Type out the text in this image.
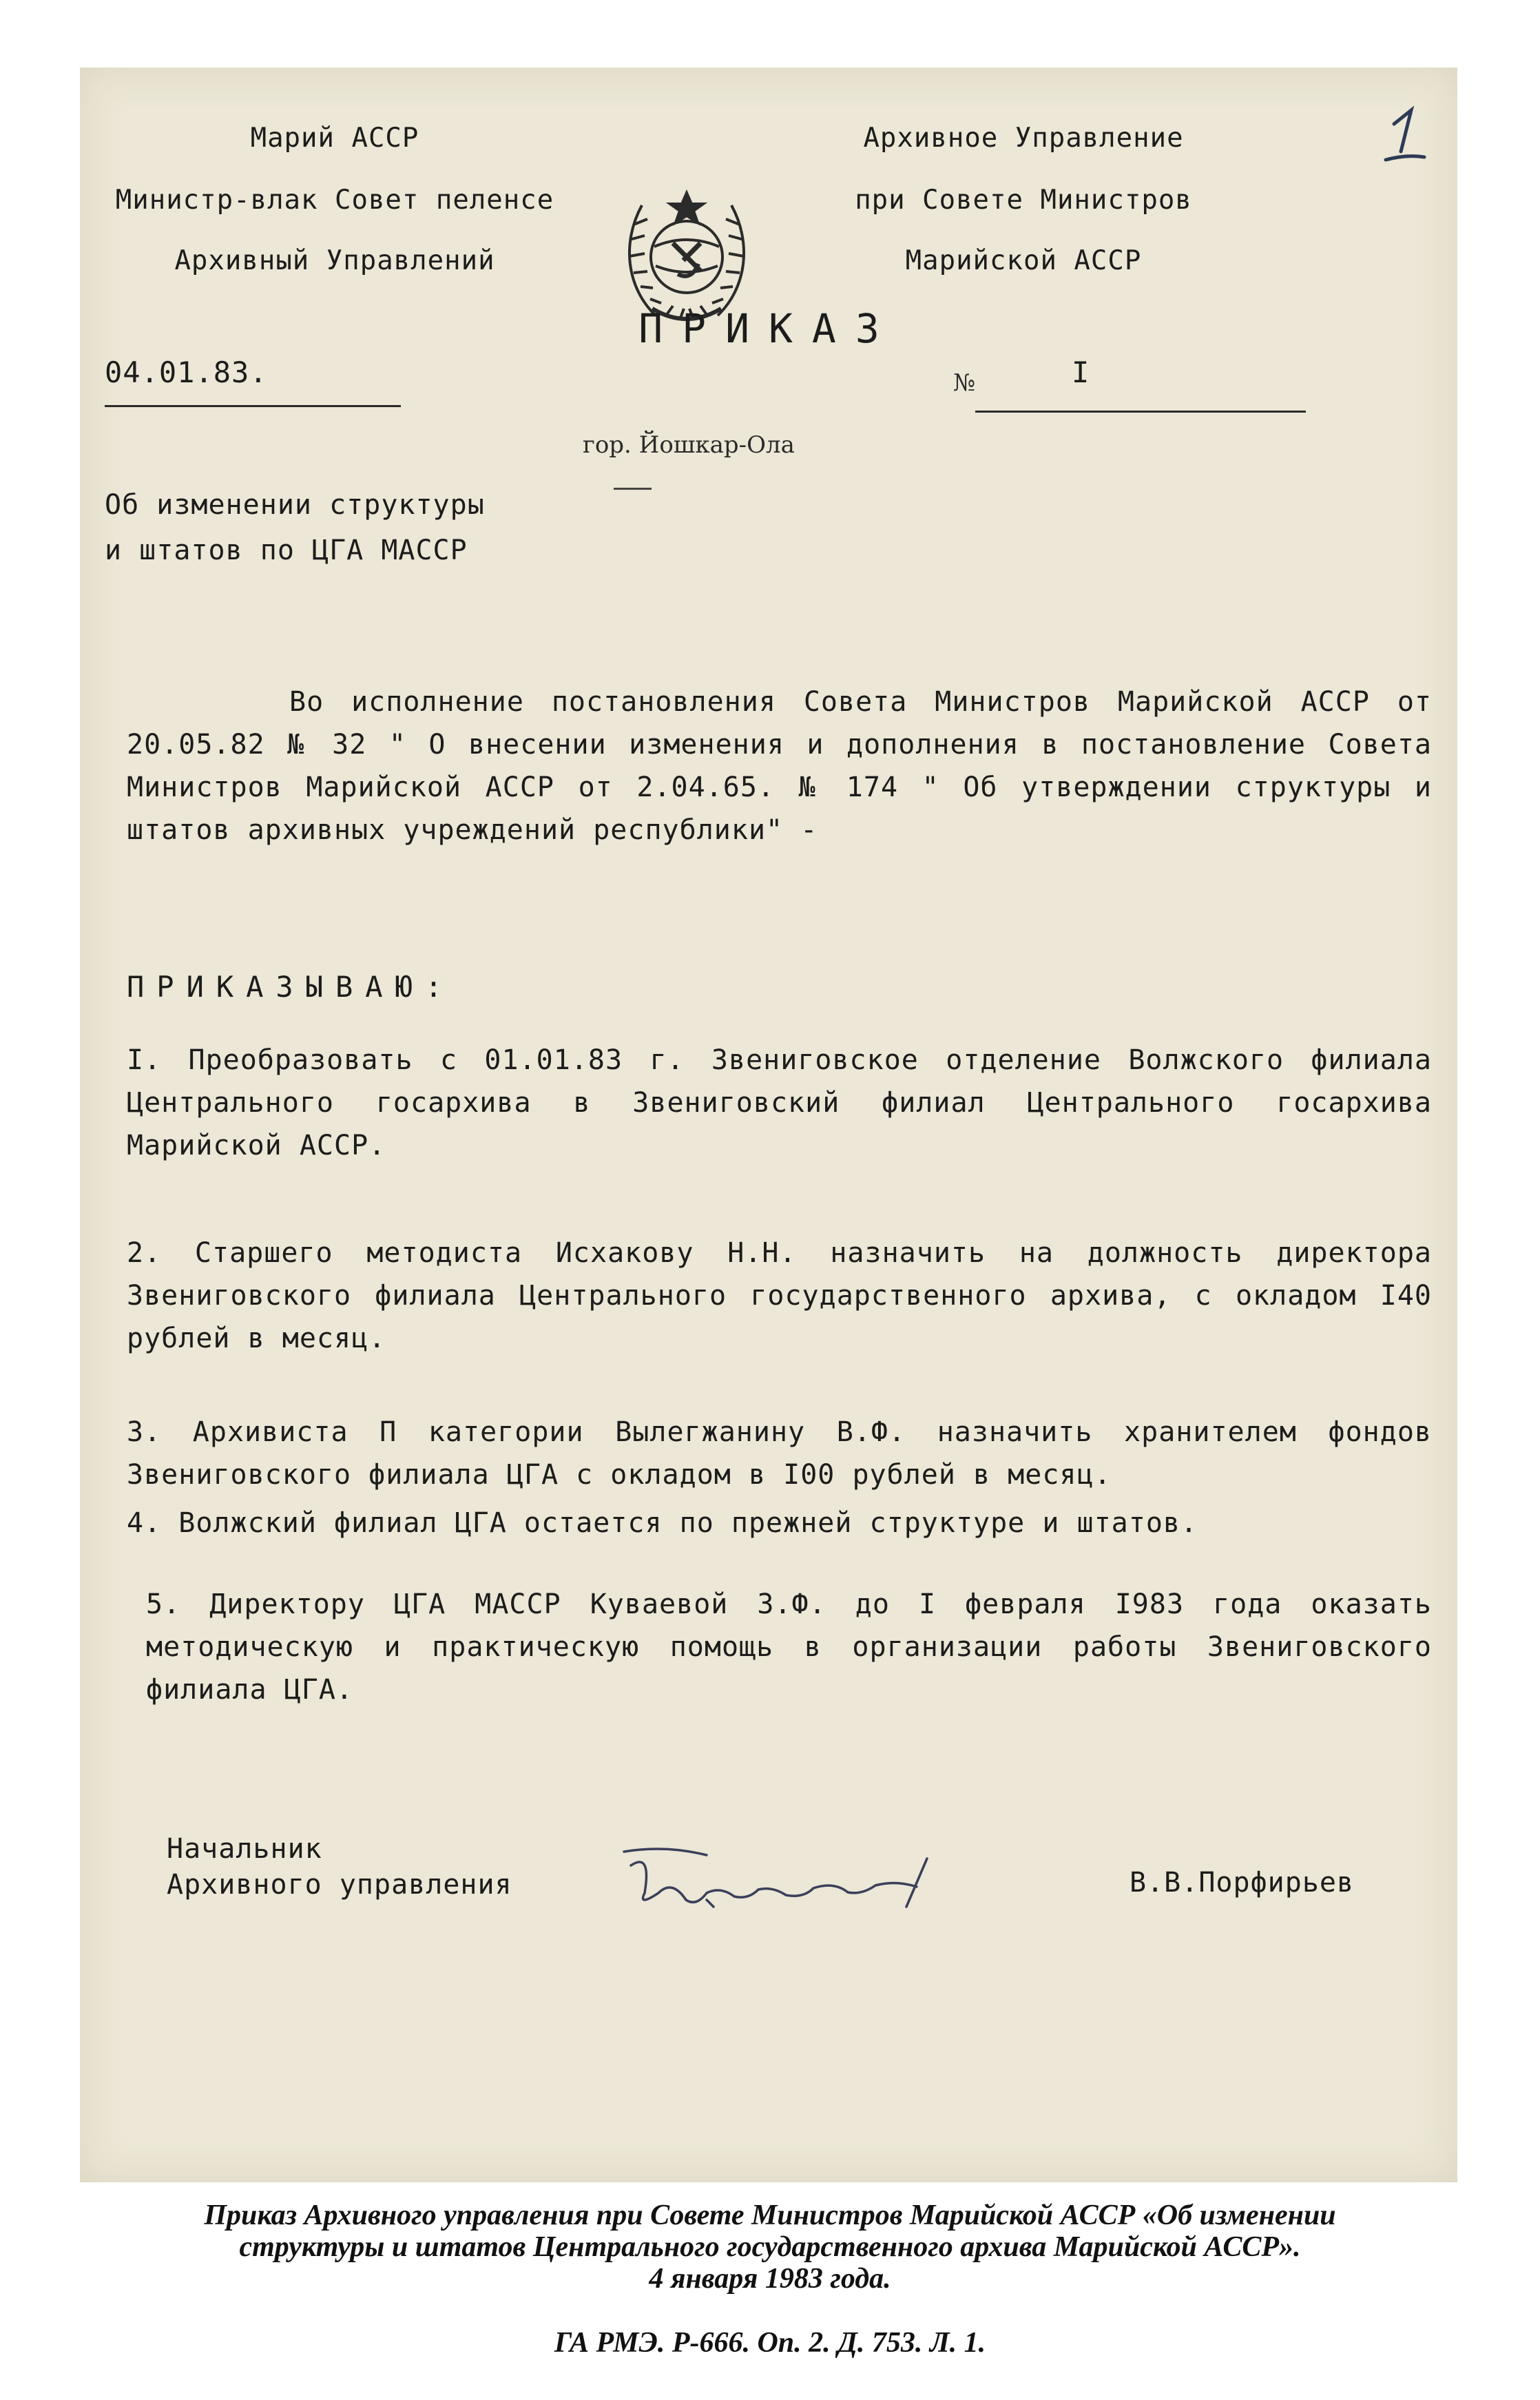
Марий АССР
Министр-влак Совет пеленсе
Архивный Управлений
Архивное Управление
при Совете Министров
Марийской АССР
ПРИКАЗ
04.01.83.	№	I
гор. Йошкар-Ола
Об изменении структуры
и штатов по ЦГА МАССР
Во исполнение постановления Совета Министров Марийской АССР от 20.05.82 № 32 " О внесении изменения и дополнения в постановление Совета Министров Марийской АССР от 2.04.65. № 174 " Об утверждении структуры и штатов архивных учреждений республики" -
ПРИКАЗЫВАЮ:
I. Преобразовать с 01.01.83 г. Звениговское отделение Волжского филиала Центрального госархива в Звениговский филиал Центрального госархива Марийской АССР.
2. Старшего методиста Исхакову Н.Н. назначить на должность директора Звениговского филиала Центрального государственного архива, с окладом I40 рублей в месяц.
3. Архивиста П категории Вылегжанину В.Ф. назначить хранителем фондов Звениговского филиала ЦГА с окладом в I00 рублей в месяц.
4. Волжский филиал ЦГА остается по прежней структуре и штатов.
5. Директору ЦГА МАССР Куваевой З.Ф. до I февраля I983 года оказать методическую и практическую помощь в организации работы Звениговского филиала ЦГА.
Начальник
Архивного управления	В.В.Порфирьев
Приказ Архивного управления при Совете Министров Марийской АССР «Об изменении
структуры и штатов Центрального государственного архива Марийской АССР».
4 января 1983 года.
ГА РМЭ. Р-666. Оп. 2. Д. 753. Л. 1.
